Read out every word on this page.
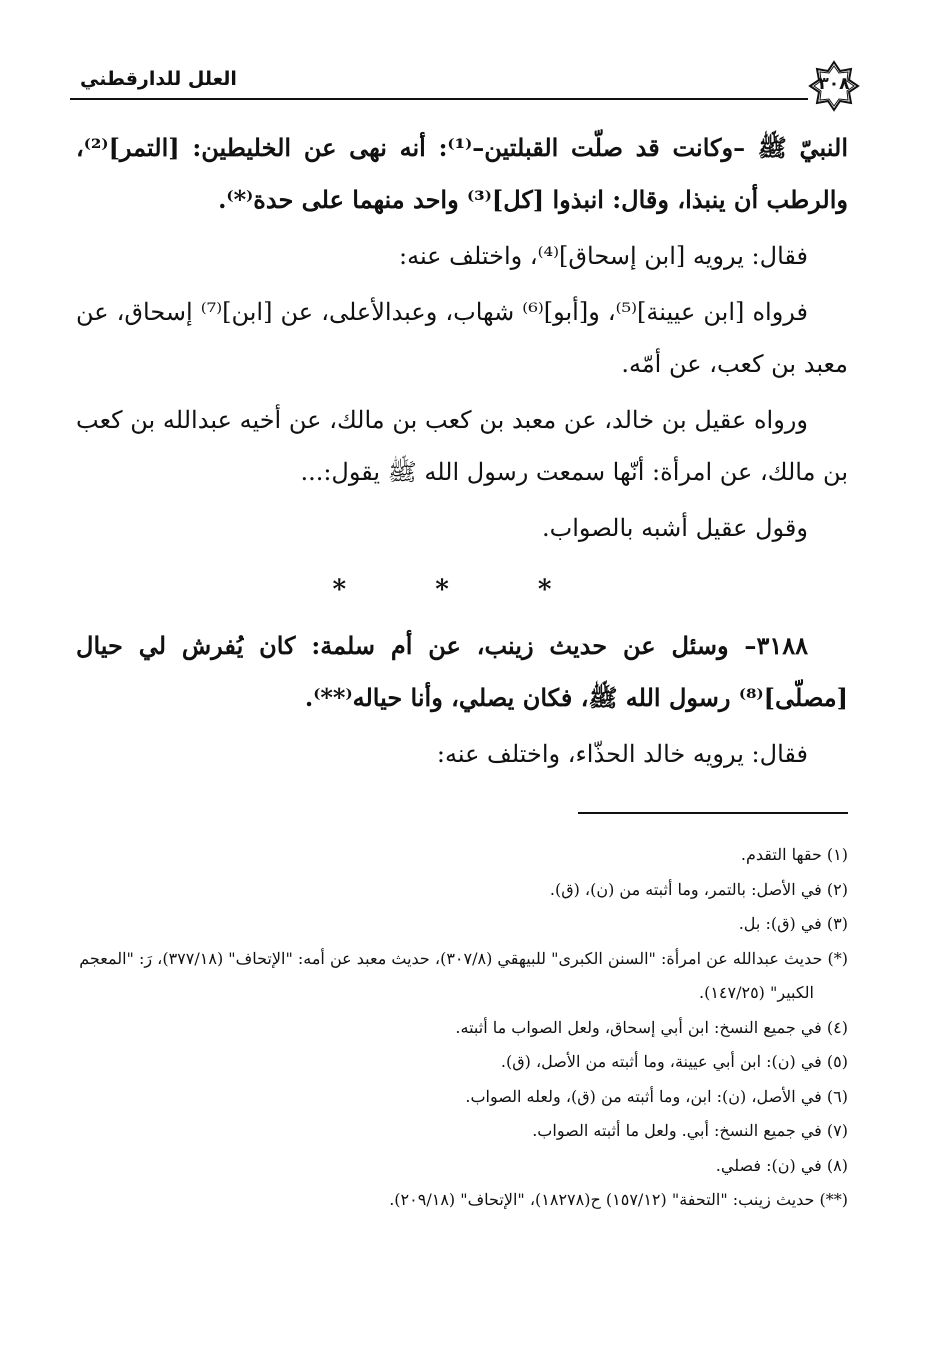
٣٠٨
العلل للدارقطني

النبيّ ﷺ –وكانت قد صلّت القبلتين–⁽¹⁾: أنه نهى عن الخليطين: [التمر]⁽²⁾، والرطب أن ينبذا، وقال: انبذوا [كل]⁽³⁾ واحد منهما على حدة⁽*⁾.

فقال: يرويه [ابن إسحاق]⁽⁴⁾، واختلف عنه:

فرواه [ابن عيينة]⁽⁵⁾، و[أبو]⁽⁶⁾ شهاب، وعبدالأعلى، عن [ابن]⁽⁷⁾ إسحاق، عن معبد بن كعب، عن أمّه.

ورواه عقيل بن خالد، عن معبد بن كعب بن مالك، عن أخيه عبدالله بن كعب بن مالك، عن امرأة: أنّها سمعت رسول الله ﷺ يقول:...

وقول عقيل أشبه بالصواب.

* * *

٣١٨٨– وسئل عن حديث زينب، عن أم سلمة: كان يُفرش لي حيال [مصلّى]⁽⁸⁾ رسول الله ﷺ، فكان يصلي، وأنا حياله⁽**⁾.

فقال: يرويه خالد الحذّاء، واختلف عنه:

(١) حقها التقدم.

(٢) في الأصل: بالتمر، وما أثبته من (ن)، (ق).

(٣) في (ق): بل.

(*) حديث عبدالله عن امرأة: "السنن الكبرى" للبيهقي (٣٠٧/٨)، حديث معبد عن أمه: "الإتحاف" (٣٧٧/١٨)، رَ: "المعجم الكبير" (١٤٧/٢٥).

(٤) في جميع النسخ: ابن أبي إسحاق، ولعل الصواب ما أثبته.

(٥) في (ن): ابن أبي عيينة، وما أثبته من الأصل، (ق).

(٦) في الأصل، (ن): ابن، وما أثبته من (ق)، ولعله الصواب.

(٧) في جميع النسخ: أبي. ولعل ما أثبته الصواب.

(٨) في (ن): فصلي.

(**) حديث زينب: "التحفة" (١٥٧/١٢) ح(١٨٢٧٨)، "الإتحاف" (٢٠٩/١٨).
